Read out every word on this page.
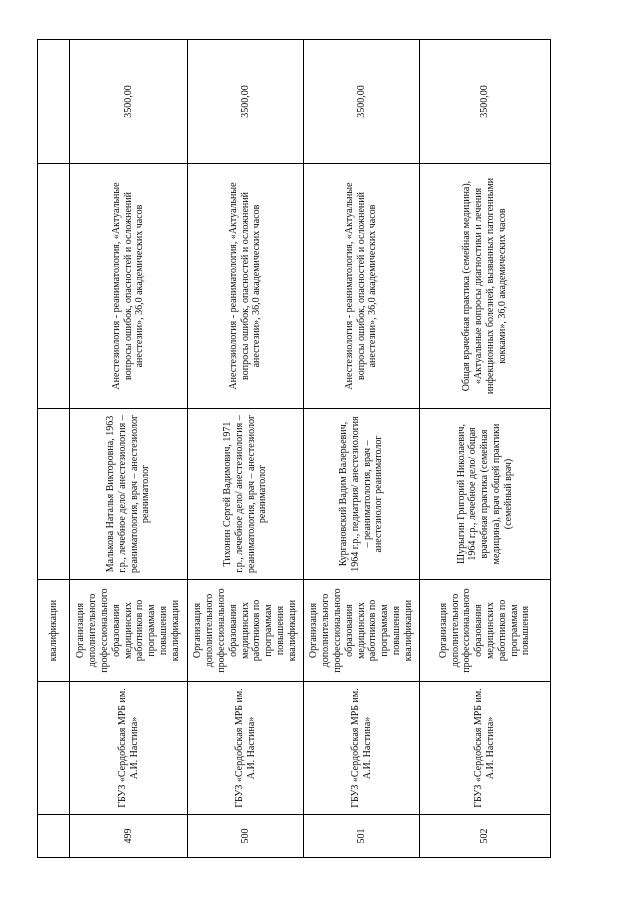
		квалификации			
499	ГБУЗ «Сердобская МРБ им. А.И. Настина»	Организация дополнительного профессионального образования медицинских работников по программам повышения квалификации	Малькова Наталья Викторовна, 1963 г.р., лечебное дело/ анестезиология – реаниматология, врач – анестезиолог реаниматолог	Анестезиология - реаниматология, «Актуальные вопросы ошибок, опасностей и осложнений анестезии», 36,0 академических часов	3500,00
500	ГБУЗ «Сердобская МРБ им. А.И. Настина»	Организация дополнительного профессионального образования медицинских работников по программам повышения квалификации	Тихонин Сергей Вадимович, 1971 г.р., лечебное дело/ анестезиология – реаниматология, врач – анестезиолог реаниматолог	Анестезиология - реаниматология, «Актуальные вопросы ошибок, опасностей и осложнений анестезии», 36,0 академических часов	3500,00
501	ГБУЗ «Сердобская МРБ им. А.И. Настина»	Организация дополнительного профессионального образования медицинских работников по программам повышения квалификации	Кургановский Вадим Валерьевич, 1964 г.р., педиатрия/ анестезиология – реаниматология, врач – анестезиолог реаниматолог	Анестезиология - реаниматология, «Актуальные вопросы ошибок, опасностей и осложнений анестезии», 36,0 академических часов	3500,00
502	ГБУЗ «Сердобская МРБ им. А.И. Настина»	Организация дополнительного профессионального образования медицинских работников по программам повышения	Шурыгин Григорий Николаевич, 1964 г.р., лечебное дело/ общая врачебная практика (семейная медицина), врач общей практики (семейный врач)	Общая врачебная практика (семейная медицина), «Актуальные вопросы диагностики и лечения инфекционных болезней, вызванных патогенными кокками», 36,0 академических часов	3500,00
